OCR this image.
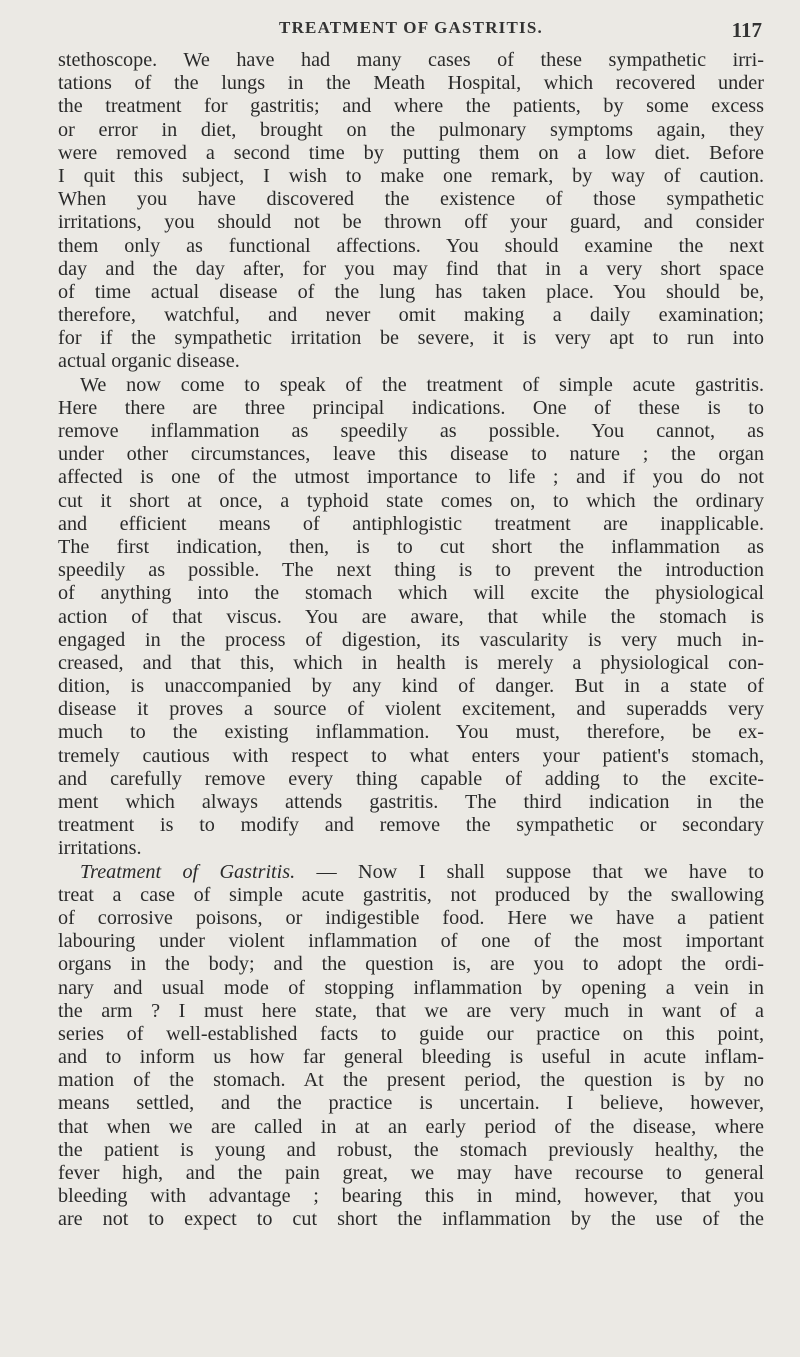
TREATMENT OF GASTRITIS.	117
stethoscope. We have had many cases of these sympathetic irri-
tations of the lungs in the Meath Hospital, which recovered under
the treatment for gastritis; and where the patients, by some excess
or error in diet, brought on the pulmonary symptoms again, they
were removed a second time by putting them on a low diet. Before
I quit this subject, I wish to make one remark, by way of caution.
When you have discovered the existence of those sympathetic
irritations, you should not be thrown off your guard, and consider
them only as functional affections. You should examine the next
day and the day after, for you may find that in a very short space
of time actual disease of the lung has taken place. You should be,
therefore, watchful, and never omit making a daily examination;
for if the sympathetic irritation be severe, it is very apt to run into
actual organic disease.
We now come to speak of the treatment of simple acute gastritis.
Here there are three principal indications. One of these is to
remove inflammation as speedily as possible. You cannot, as
under other circumstances, leave this disease to nature ; the organ
affected is one of the utmost importance to life ; and if you do not
cut it short at once, a typhoid state comes on, to which the ordinary
and efficient means of antiphlogistic treatment are inapplicable.
The first indication, then, is to cut short the inflammation as
speedily as possible. The next thing is to prevent the introduction
of anything into the stomach which will excite the physiological
action of that viscus. You are aware, that while the stomach is
engaged in the process of digestion, its vascularity is very much in-
creased, and that this, which in health is merely a physiological con-
dition, is unaccompanied by any kind of danger. But in a state of
disease it proves a source of violent excitement, and superadds very
much to the existing inflammation. You must, therefore, be ex-
tremely cautious with respect to what enters your patient's stomach,
and carefully remove every thing capable of adding to the excite-
ment which always attends gastritis. The third indication in the
treatment is to modify and remove the sympathetic or secondary
irritations.
Treatment of Gastritis. — Now I shall suppose that we have to
treat a case of simple acute gastritis, not produced by the swallowing
of corrosive poisons, or indigestible food. Here we have a patient
labouring under violent inflammation of one of the most important
organs in the body; and the question is, are you to adopt the ordi-
nary and usual mode of stopping inflammation by opening a vein in
the arm ? I must here state, that we are very much in want of a
series of well-established facts to guide our practice on this point,
and to inform us how far general bleeding is useful in acute inflam-
mation of the stomach. At the present period, the question is by no
means settled, and the practice is uncertain. I believe, however,
that when we are called in at an early period of the disease, where
the patient is young and robust, the stomach previously healthy, the
fever high, and the pain great, we may have recourse to general
bleeding with advantage ; bearing this in mind, however, that you
are not to expect to cut short the inflammation by the use of the
